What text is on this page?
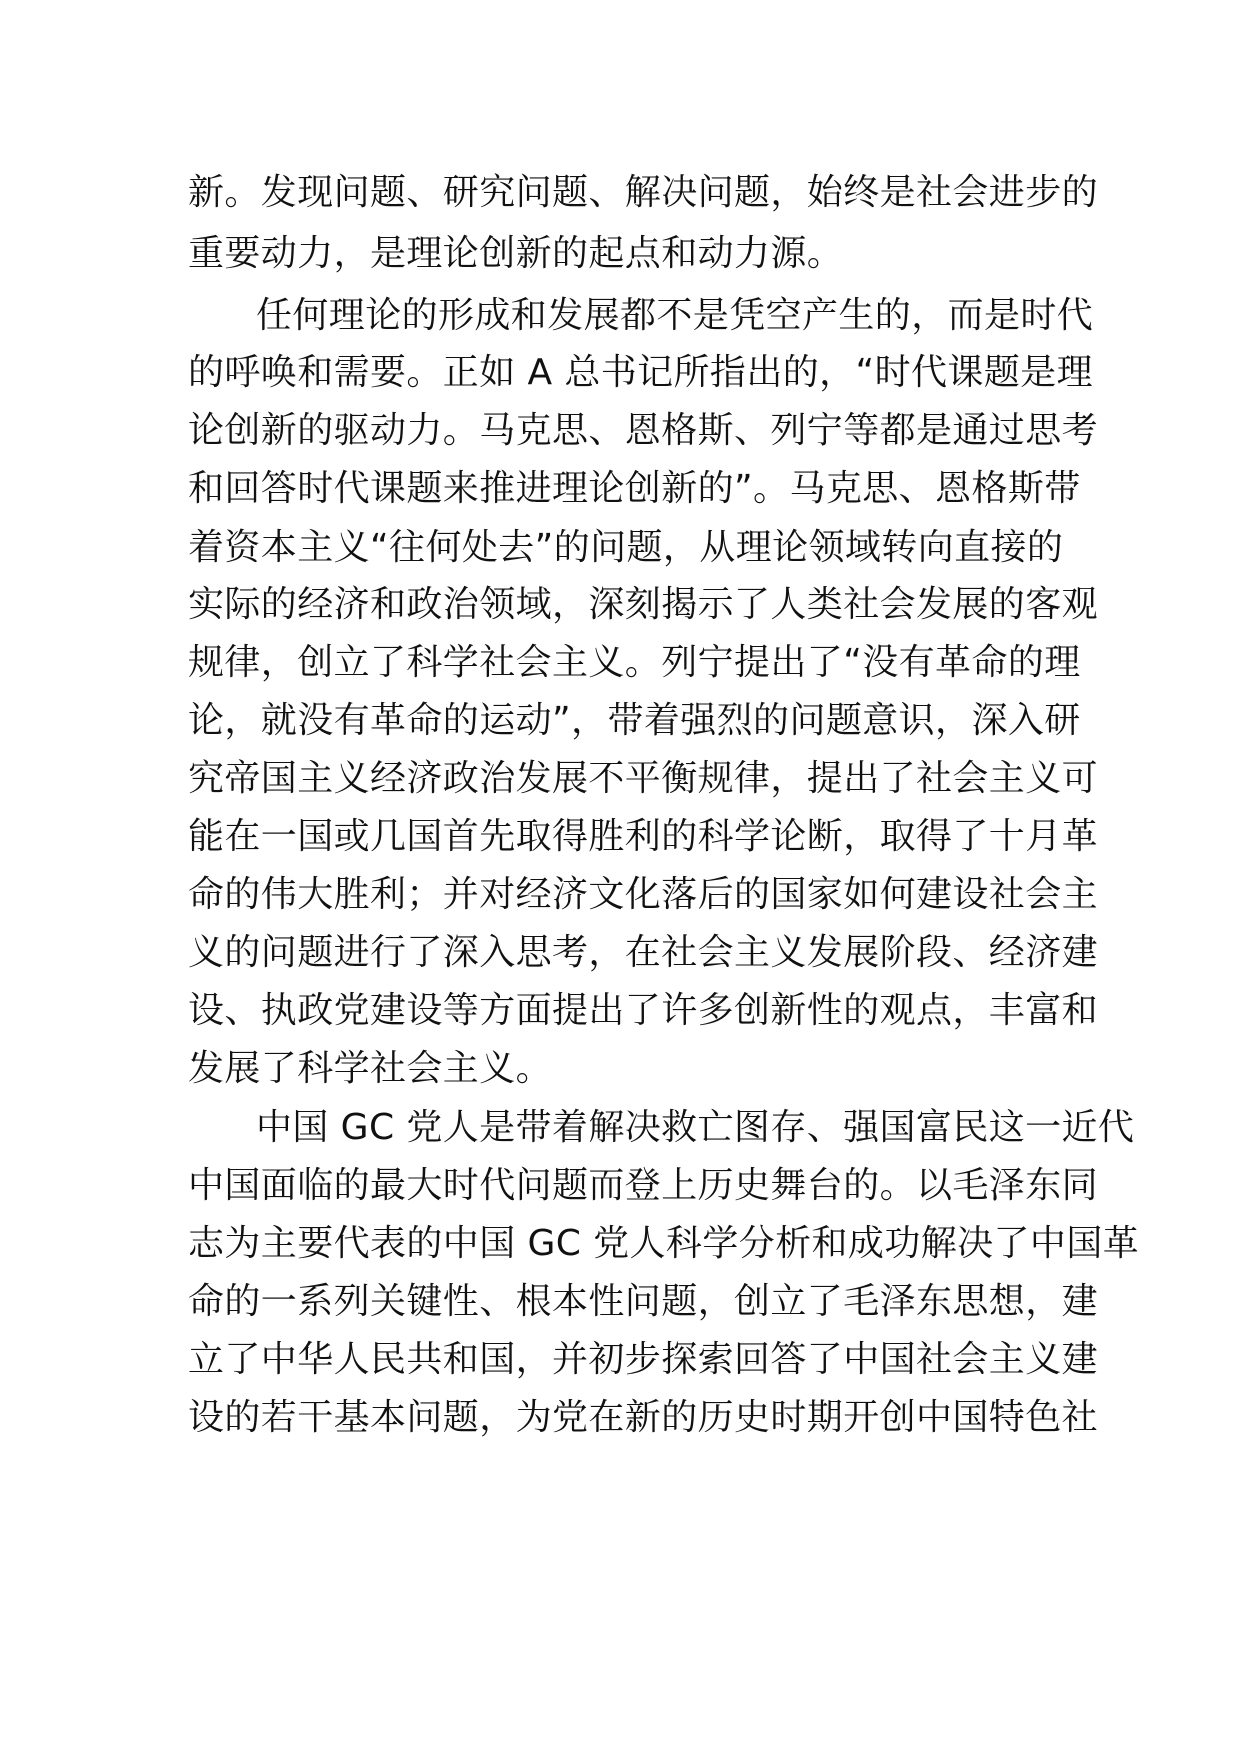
新。发现问题、研究问题、解决问题，始终是社会进步的
重要动力，是理论创新的起点和动力源。
任何理论的形成和发展都不是凭空产生的，而是时代
的呼唤和需要。正如 A 总书记所指出的，“时代课题是理
论创新的驱动力。马克思、恩格斯、列宁等都是通过思考
和回答时代课题来推进理论创新的”。马克思、恩格斯带
着资本主义“往何处去”的问题，从理论领域转向直接的
实际的经济和政治领域，深刻揭示了人类社会发展的客观
规律，创立了科学社会主义。列宁提出了“没有革命的理
论，就没有革命的运动”，带着强烈的问题意识，深入研
究帝国主义经济政治发展不平衡规律，提出了社会主义可
能在一国或几国首先取得胜利的科学论断，取得了十月革
命的伟大胜利；并对经济文化落后的国家如何建设社会主
义的问题进行了深入思考，在社会主义发展阶段、经济建
设、执政党建设等方面提出了许多创新性的观点，丰富和
发展了科学社会主义。
中国 GC 党人是带着解决救亡图存、强国富民这一近代
中国面临的最大时代问题而登上历史舞台的。以毛泽东同
志为主要代表的中国 GC 党人科学分析和成功解决了中国革
命的一系列关键性、根本性问题，创立了毛泽东思想，建
立了中华人民共和国，并初步探索回答了中国社会主义建
设的若干基本问题，为党在新的历史时期开创中国特色社
